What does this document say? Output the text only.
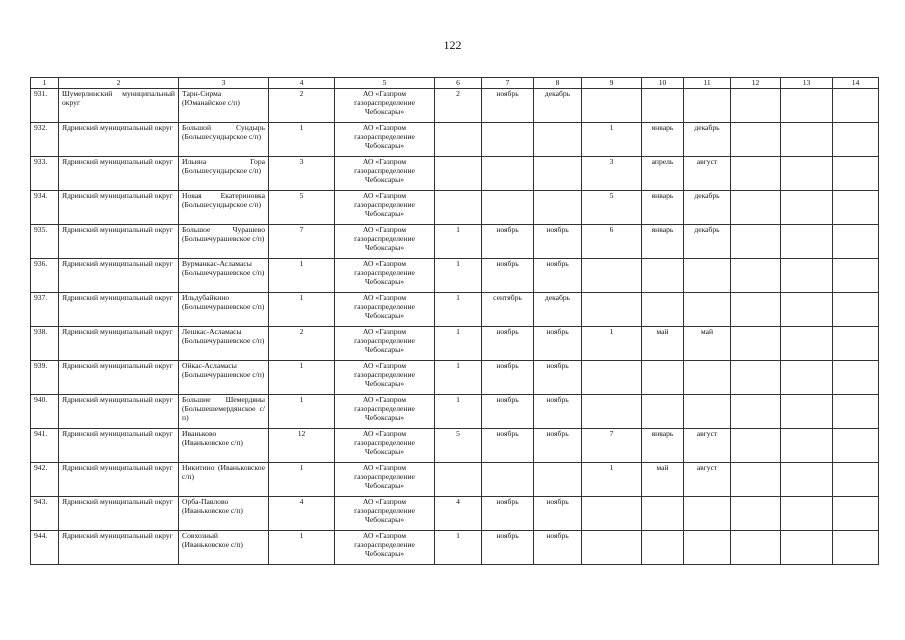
122
1	2	3	4	5	6	7	8	9	10	11	12	13	14
931.	Шумерлинский муниципальный округ	Тарн-Сирма (Юманайское с/п)	2	АО «Газпром газораспределение Чебоксары»	2	ноябрь	декабрь						
932.	Ядринский муниципальный округ	Большой Сундырь (Большесундырское с/п)	1	АО «Газпром газораспределение Чебоксары»				1	январь	декабрь			
933.	Ядринский муниципальный округ	Ильина Гора (Большесундырское с/п)	3	АО «Газпром газораспределение Чебоксары»				3	апрель	август			
934.	Ядринский муниципальный округ	Новая Екатериновка (Большесундырское с/п)	5	АО «Газпром газораспределение Чебоксары»				5	январь	декабрь			
935.	Ядринский муниципальный округ	Большое Чурашево (Большечурашевское с/п)	7	АО «Газпром газораспределение Чебоксары»	1	ноябрь	ноябрь	6	январь	декабрь			
936.	Ядринский муниципальный округ	Вурманкас-Асламасы (Большечурашевское с/п)	1	АО «Газпром газораспределение Чебоксары»	1	ноябрь	ноябрь						
937.	Ядринский муниципальный округ	Ильдубайкино (Большечурашевское с/п)	1	АО «Газпром газораспределение Чебоксары»	1	сентябрь	декабрь						
938.	Ядринский муниципальный округ	Лешкас-Асламасы (Большечурашевское с/п)	2	АО «Газпром газораспределение Чебоксары»	1	ноябрь	ноябрь	1	май	май			
939.	Ядринский муниципальный округ	Ойкас-Асламасы (Большечурашевское с/п)	1	АО «Газпром газораспределение Чебоксары»	1	ноябрь	ноябрь						
940.	Ядринский муниципальный округ	Большие Шемердяны (Большешемердянское с/п)	1	АО «Газпром газораспределение Чебоксары»	1	ноябрь	ноябрь						
941.	Ядринский муниципальный округ	Иваньково (Иваньковское с/п)	12	АО «Газпром газораспределение Чебоксары»	5	ноябрь	ноябрь	7	январь	август			
942.	Ядринский муниципальный округ	Никитино (Иваньковское с/п)	1	АО «Газпром газораспределение Чебоксары»				1	май	август			
943.	Ядринский муниципальный округ	Орба-Павлово (Иваньковское с/п)	4	АО «Газпром газораспределение Чебоксары»	4	ноябрь	ноябрь						
944.	Ядринский муниципальный округ	Совхозный (Иваньковское с/п)	1	АО «Газпром газораспределение Чебоксары»	1	ноябрь	ноябрь						
